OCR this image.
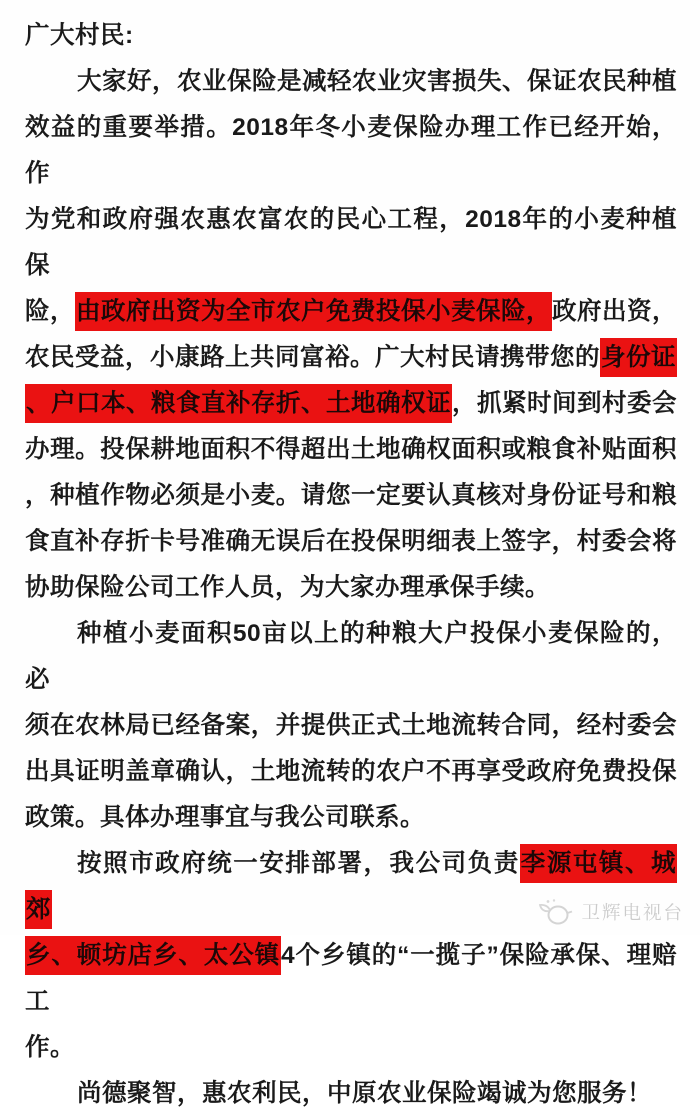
广大村民:
大家好，农业保险是减轻农业灾害损失、保证农民种植
效益的重要举措。2018年冬小麦保险办理工作已经开始，作
为党和政府强农惠农富农的民心工程，2018年的小麦种植保
险，由政府出资为全市农户免费投保小麦保险，政府出资，
农民受益，小康路上共同富裕。广大村民请携带您的身份证
、户口本、粮食直补存折、土地确权证，抓紧时间到村委会
办理。投保耕地面积不得超出土地确权面积或粮食补贴面积
，种植作物必须是小麦。请您一定要认真核对身份证号和粮
食直补存折卡号准确无误后在投保明细表上签字，村委会将
协助保险公司工作人员，为大家办理承保手续。
种植小麦面积50亩以上的种粮大户投保小麦保险的，必
须在农林局已经备案，并提供正式土地流转合同，经村委会
出具证明盖章确认，土地流转的农户不再享受政府免费投保
政策。具体办理事宜与我公司联系。
按照市政府统一安排部署，我公司负责李源屯镇、城郊
乡、顿坊店乡、太公镇4个乡镇的“一揽子”保险承保、理赔工
作。
尚德聚智，惠农利民，中原农业保险竭诚为您服务！
卫辉电视台
